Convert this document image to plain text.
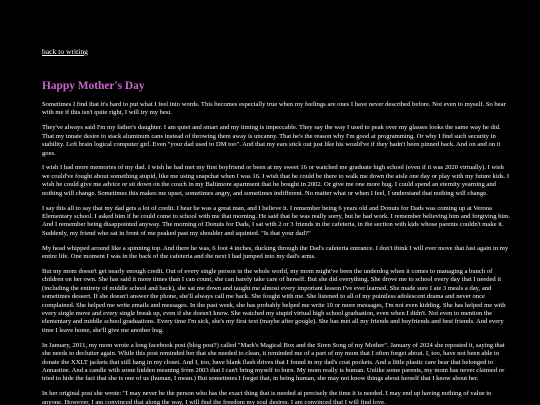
back to writing
Happy Mother's Day

Sometimes I find that it's hard to put what I feel into words. This becomes especially true when my feelings are ones I have never described before. Not even to myself. So bear with me if this isn't quite right, I will try my best.

They've always said I'm my father's daughter. I am quiet and smart and my timing is impeccable. They say the way I used to peak over my glasses looks the same way he did. That my innate desire to stack aluminum cans instead of throwing them away is uncanny. That he's the reason why I'm good at programming. Or why I find such security in stability. Left brain logical computer girl. Even "your dad used to DM too". And that my ears stick out just like his would've if they hadn't been pinned back. And on and on it goes.

I wish I had more memories of my dad. I wish he had met my first boyfriend or been at my sweet 16 or watched me graduate high school (even if it was 2020 virtually). I wish we could've fought about something stupid, like me using snapchat when I was 16. I wish that he could be there to walk me down the aisle one day or play with my future kids. I wish he could give me advice or sit down on the couch in my Baltimore apartment that he bought in 2002. Or give me one more hug. I could spend an eternity yearning and nothing will change. Sometimes this makes me upset, sometimes angry, and sometimes indifferent. No matter what or when I feel, I understand that nothing will change.

I say this all to say that my dad gets a lot of credit. I hear he was a great man, and I believe it. I remember being 6 years old and Donuts for Dads was coming up at Verona Elementary school. I asked him if he could come to school with me that morning. He said that he was really sorry, but he had work. I remember believing him and forgiving him. And I remember being disappointed anyway. The morning of Donuts for Dads, I sat with 2 or 3 friends in the cafeteria, in the section with kids whose parents couldn't make it. Suddenly, my friend who sat in front of me peaked past my shoulder and squinted. "Is that your dad?"

My head whipped around like a spinning top. And there he was, 6 foot 4 inches, ducking through the Dad's cafeteria entrance. I don't think I will ever move that fast again in my entire life. One moment I was in the back of the cafeteria and the next I had jumped into my dad's arms.

But my mom doesn't get nearly enough credit. Out of every single person in the whole world, my mom might've been the underdog when it comes to managing a bunch of children on her own. She has said it more times than I can count, she can barely take care of herself. But she did everything. She drove me to school every day that I needed it (including the entirety of middle school and back), she sat me down and taught me almost every important lesson I've ever learned. She made sure I ate 3 meals a day, and sometimes dessert. If she doesn't answer the phone, she'll always call me back. She fought with me. She listened to all of my pointless adolescent drama and never once complained. She helped me write emails and messages. In the past week, she has probably helped me write 10 or more messages, I'm not even kidding. She has helped me with every single move and every single break up, even if she doesn't know. She watched my stupid virtual high school graduation, even when I didn't. Not even to mention the elementary and middle school graduations. Every time I'm sick, she's my first text (maybe after google). She has met all my friends and boyfriends and best friends. And every time I leave home, she'll give me another hug.

In January, 2011, my mom wrote a long facebook post (blog post?) called "Mark's Magical Box and the Siren Song of my Mother". January of 2024 she reposted it, saying that she needs to declutter again. While this post reminded her that she needed to clean, it reminded me of a part of my mom that I often forget about. I, too, have not been able to donate the XXLT jackets that still hang in my closet. And I, too, have blank flash drives that I found in my dad's coat pockets. And a little plastic care bear that belonged to Annastine. And a candle with some hidden meaning from 2003 that I can't bring myself to burn. My mom really is human. Unlike some parents, my mom has never claimed or tried to hide the fact that she is one of us (human, I mean.) But sometimes I forget that, in being human, she may not know things about herself that I know about her.

In her original post she wrote: "I may never be the person who has the exact thing that is needed at precisely the time it is needed. I may end up having nothing of value to anyone. However, I am convinced that along the way, I will find the freedom my soul desires. I am convinced that I will find love.
